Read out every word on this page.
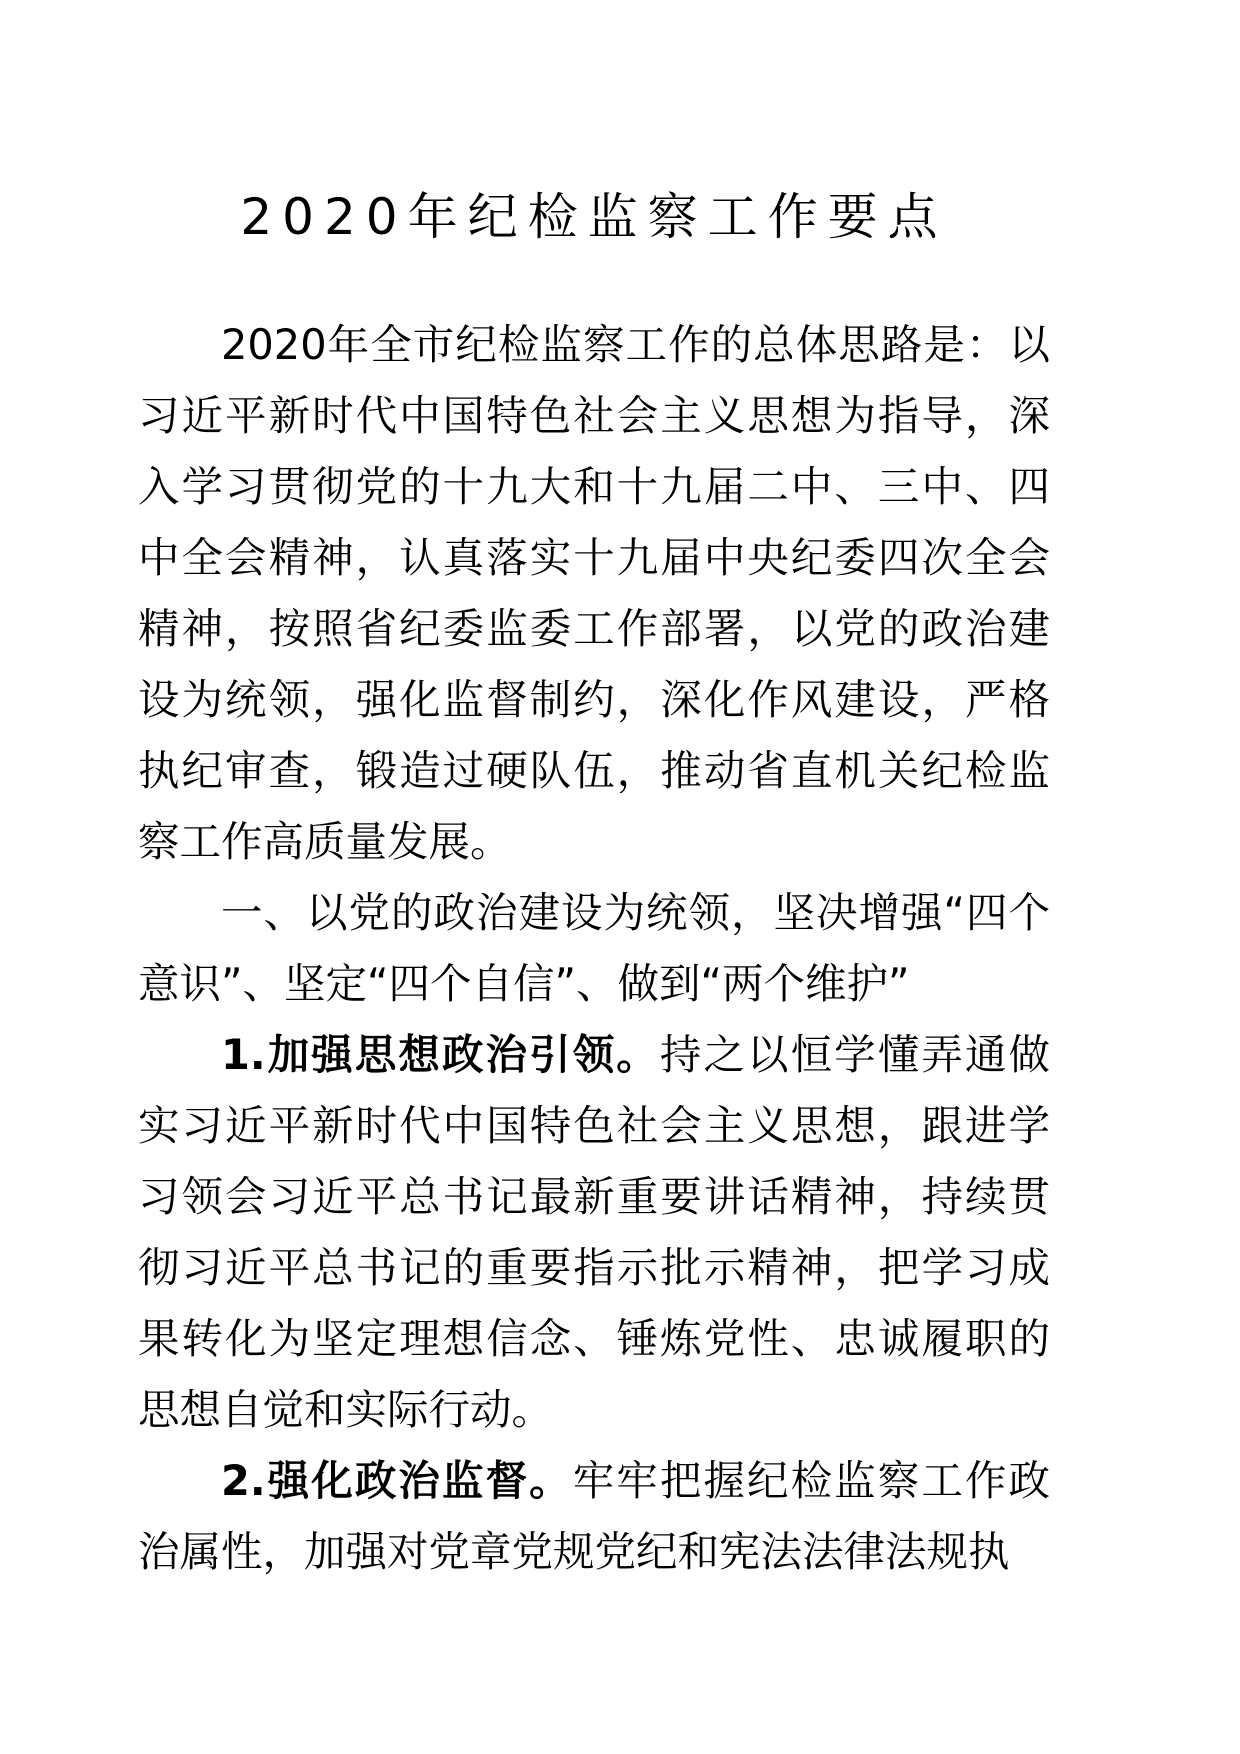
2020年纪检监察工作要点

2020年全市纪检监察工作的总体思路是：以习近平新时代中国特色社会主义思想为指导，深入学习贯彻党的十九大和十九届二中、三中、四中全会精神，认真落实十九届中央纪委四次全会精神，按照省纪委监委工作部署，以党的政治建设为统领，强化监督制约，深化作风建设，严格执纪审查，锻造过硬队伍，推动省直机关纪检监察工作高质量发展。

一、以党的政治建设为统领，坚决增强“四个意识”、坚定“四个自信”、做到“两个维护”

1.加强思想政治引领。持之以恒学懂弄通做实习近平新时代中国特色社会主义思想，跟进学习领会习近平总书记最新重要讲话精神，持续贯彻习近平总书记的重要指示批示精神，把学习成果转化为坚定理想信念、锤炼党性、忠诚履职的思想自觉和实际行动。

2.强化政治监督。牢牢把握纪检监察工作政治属性，加强对党章党规党纪和宪法法律法规执
